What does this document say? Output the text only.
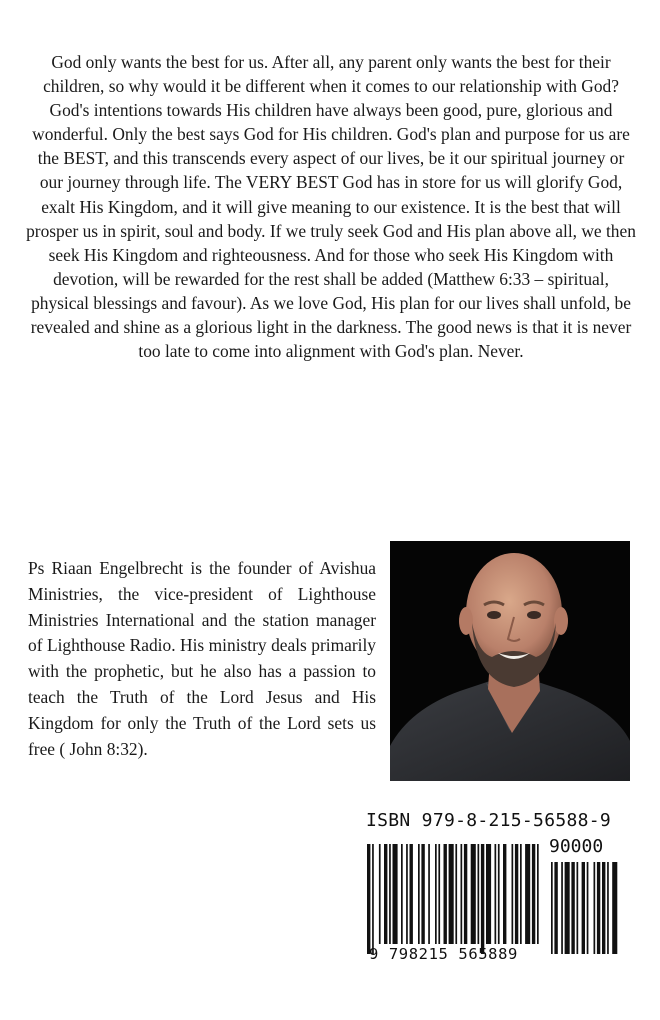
God only wants the best for us. After all, any parent only wants the best for their children, so why would it be different when it comes to our relationship with God? God's intentions towards His children have always been good, pure, glorious and wonderful. Only the best says God for His children. God's plan and purpose for us are the BEST, and this transcends every aspect of our lives, be it our spiritual journey or our journey through life. The VERY BEST God has in store for us will glorify God, exalt His Kingdom, and it will give meaning to our existence. It is the best that will prosper us in spirit, soul and body. If we truly seek God and His plan above all, we then seek His Kingdom and righteousness. And for those who seek His Kingdom with devotion, will be rewarded for the rest shall be added (Matthew 6:33 – spiritual, physical blessings and favour). As we love God, His plan for our lives shall unfold, be revealed and shine as a glorious light in the darkness. The good news is that it is never too late to come into alignment with God's plan. Never.

Ps Riaan Engelbrecht is the founder of Avishua Ministries, the vice-president of Lighthouse Ministries International and the station manager of Lighthouse Radio. His ministry deals primarily with the prophetic, but he also has a passion to teach the Truth of the Lord Jesus and His Kingdom for only the Truth of the Lord sets us free ( John 8:32).

ISBN 979-8-215-56588-9

90000

9 798215 565889
